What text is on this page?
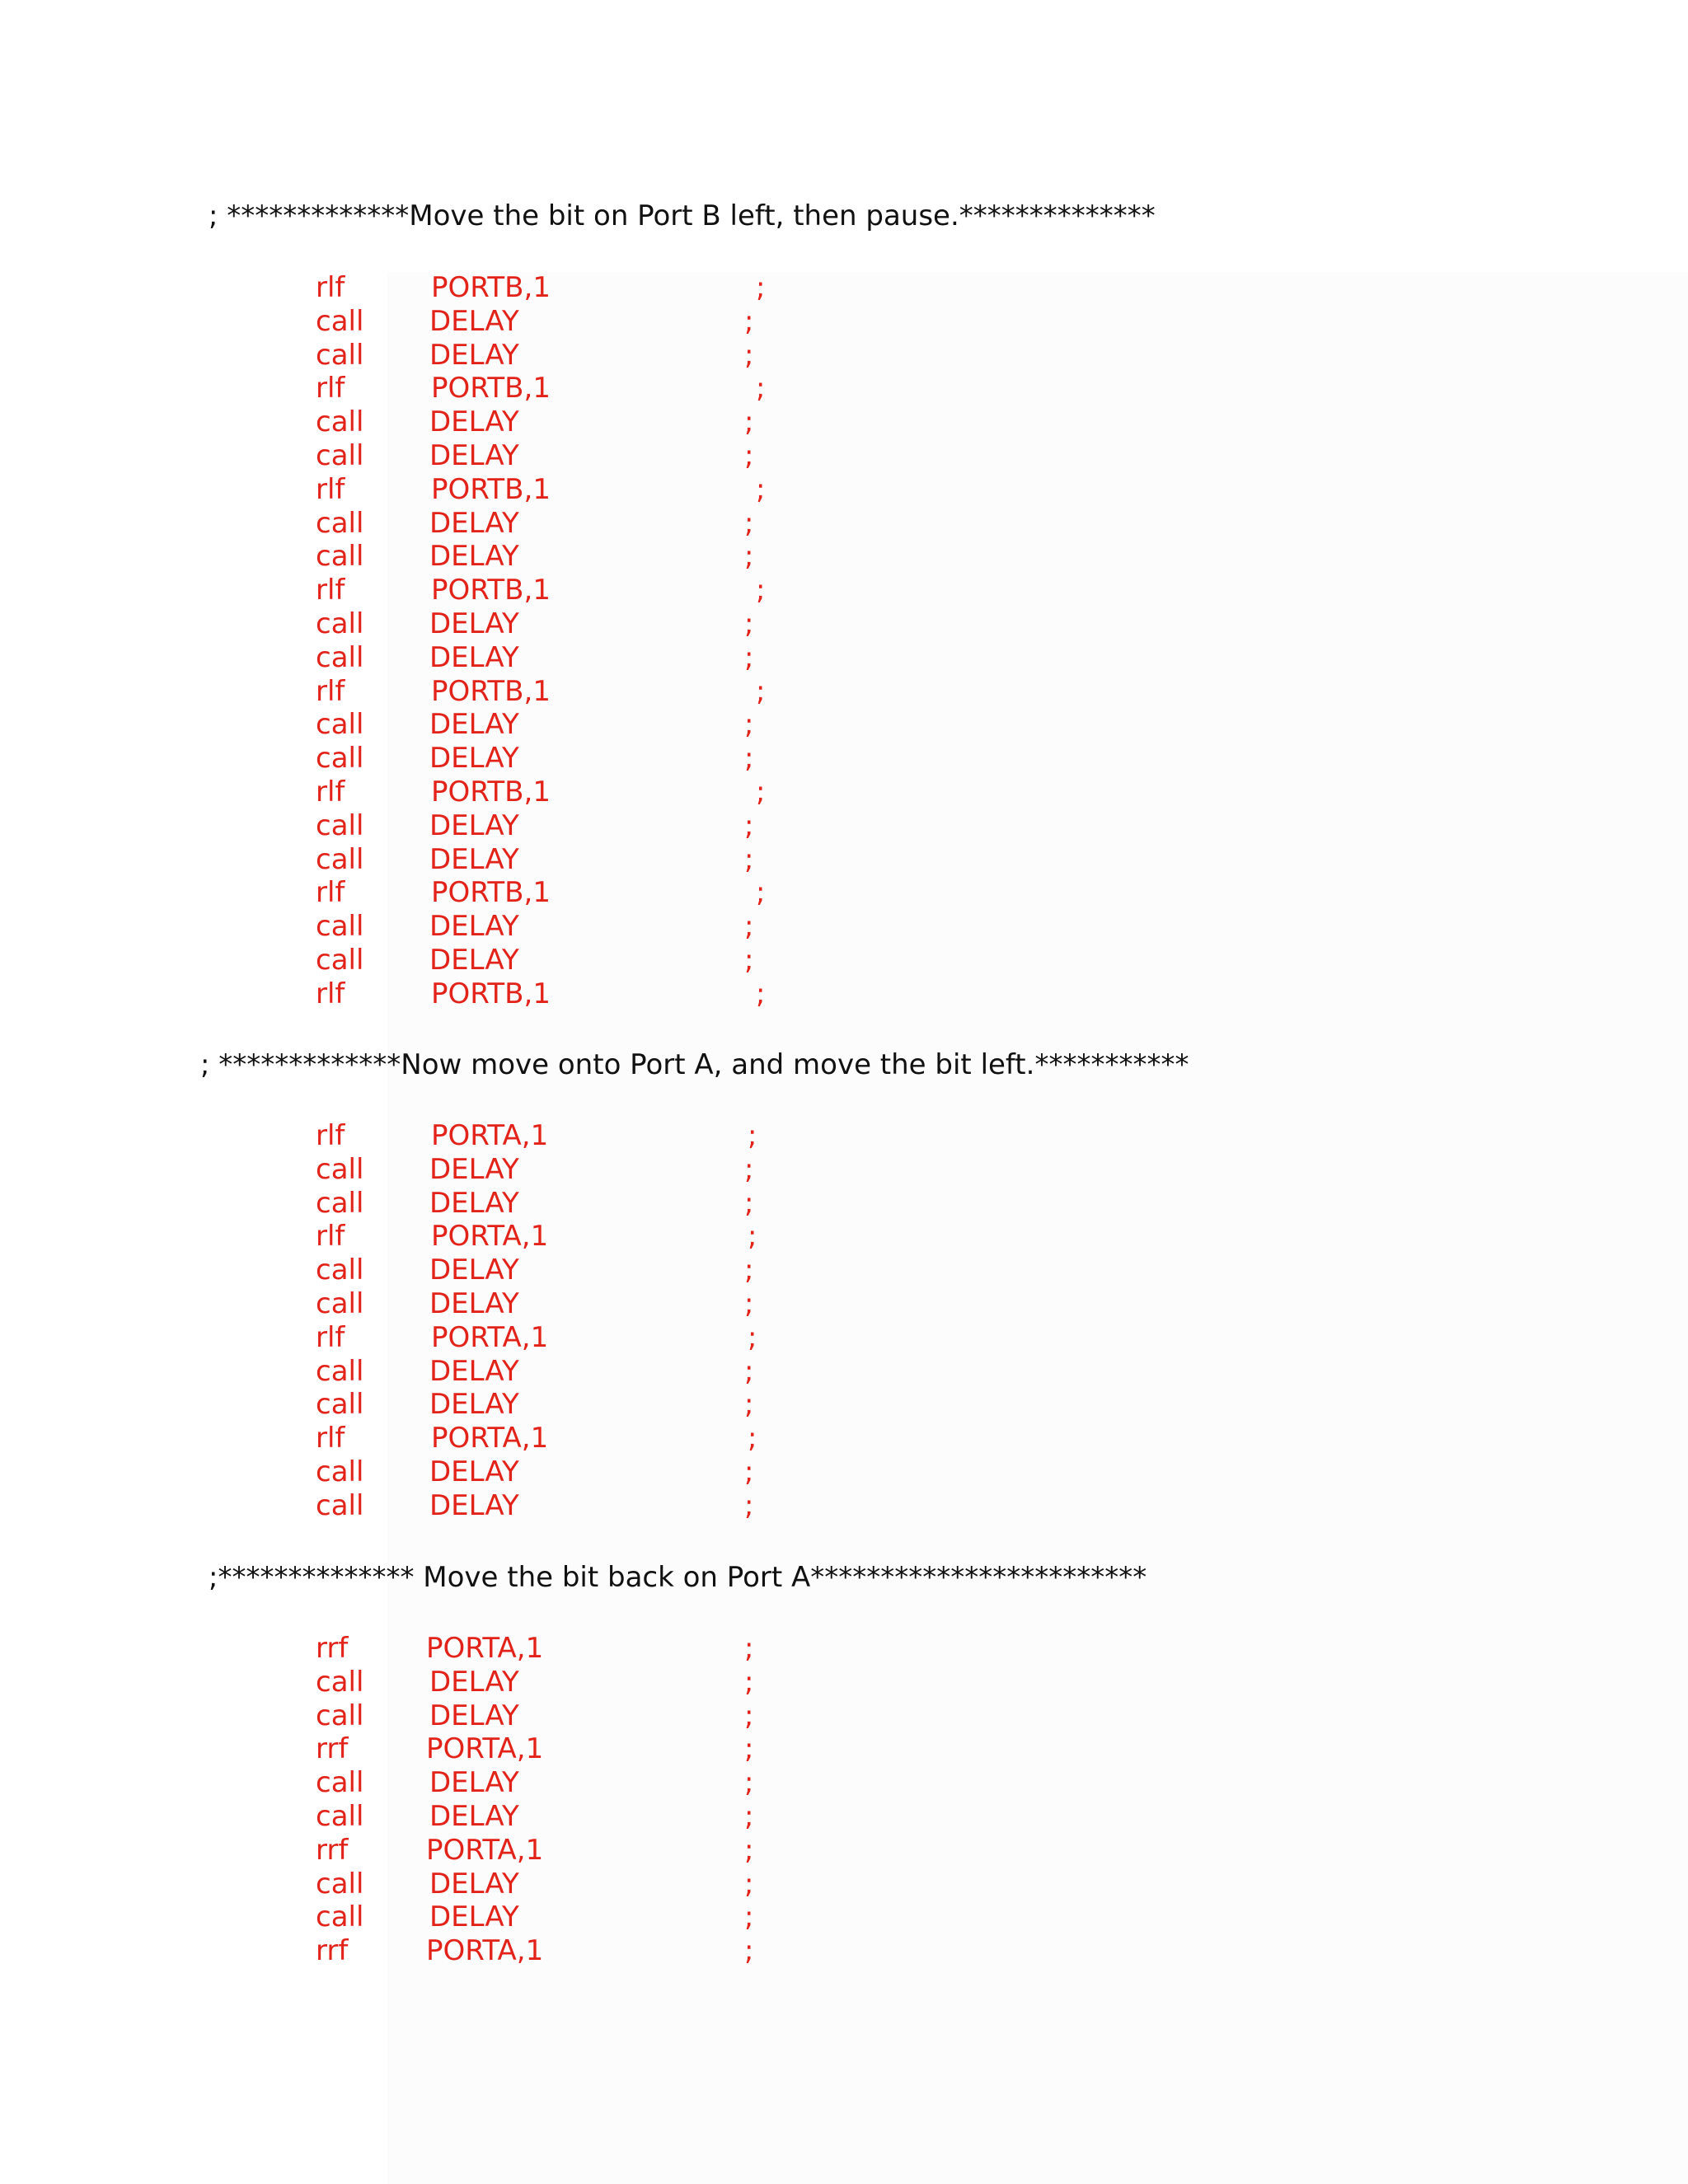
; *************Move the bit on Port B left, then pause.**************
rlf	PORTB,1	;
call DELAY	;
call DELAY	;
rlf	PORTB,1	;
call DELAY	;
call DELAY	;
rlf	PORTB,1	;
call DELAY	;
call DELAY	;
rlf	PORTB,1	;
call DELAY	;
call DELAY	;
rlf	PORTB,1	;
call DELAY	;
call DELAY	;
rlf	PORTB,1	;
call DELAY	;
call DELAY	;
rlf	PORTB,1	;
call DELAY	;
call DELAY	;
rlf	PORTB,1	;
; *************Now move onto Port A, and move the bit left.***********
rlf	PORTA,1	;
call DELAY	;
call DELAY	;
rlf	PORTA,1	;
call DELAY	;
call DELAY	;
rlf	PORTA,1	;
call DELAY	;
call DELAY	;
rlf	PORTA,1	;
call DELAY	;
call DELAY	;
;************** Move the bit back on Port A************************
rrf	PORTA,1	;
call DELAY	;
call DELAY	;
rrf	PORTA,1	;
call DELAY	;
call DELAY	;
rrf	PORTA,1	;
call DELAY	;
call DELAY	;
rrf	PORTA,1	;
